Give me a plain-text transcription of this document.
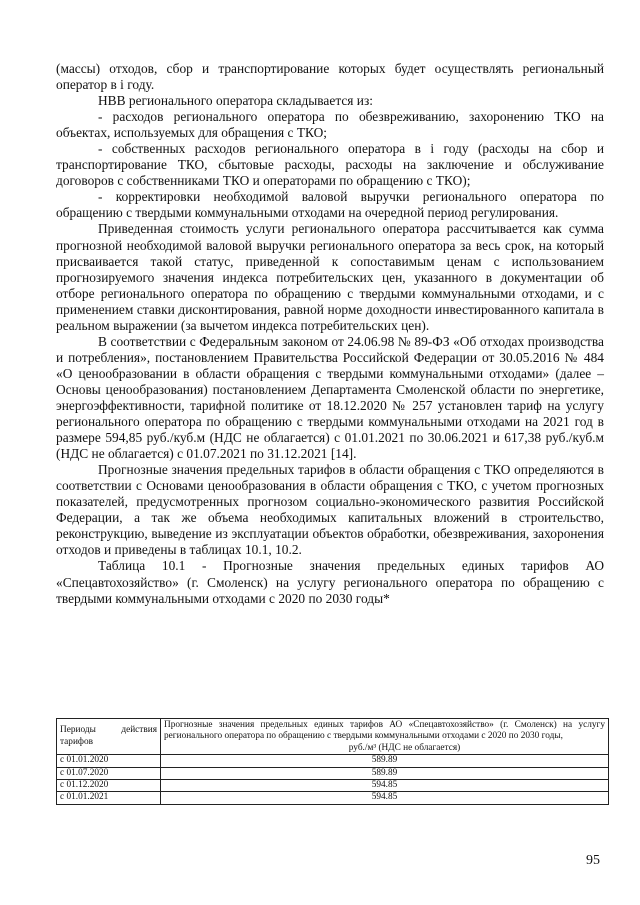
(массы) отходов, сбор и транспортирование которых будет осуществлять региональный оператор в i году.

НВВ регионального оператора складывается из:

- расходов регионального оператора по обезвреживанию, захоронению ТКО на объектах, используемых для обращения с ТКО;

- собственных расходов регионального оператора в i году (расходы на сбор и транспортирование ТКО, сбытовые расходы, расходы на заключение и обслуживание договоров с собственниками ТКО и операторами по обращению с ТКО);

- корректировки необходимой валовой выручки регионального оператора по обращению с твердыми коммунальными отходами на очередной период регулирования.

Приведенная стоимость услуги регионального оператора рассчитывается как сумма прогнозной необходимой валовой выручки регионального оператора за весь срок, на который присваивается такой статус, приведенной к сопоставимым ценам с использованием прогнозируемого значения индекса потребительских цен, указанного в документации об отборе регионального оператора по обращению с твердыми коммунальными отходами, и с применением ставки дисконтирования, равной норме доходности инвестированного капитала в реальном выражении (за вычетом индекса потребительских цен).

В соответствии с Федеральным законом от 24.06.98 № 89-ФЗ «Об отходах производства и потребления», постановлением Правительства Российской Федерации от 30.05.2016 № 484 «О ценообразовании в области обращения с твердыми коммунальными отходами» (далее – Основы ценообразования) постановлением Департамента Смоленской области по энергетике, энергоэффективности, тарифной политике от 18.12.2020 № 257 установлен тариф на услугу регионального оператора по обращению с твердыми коммунальными отходами на 2021 год в размере 594,85 руб./куб.м (НДС не облагается) с 01.01.2021 по 30.06.2021 и 617,38 руб./куб.м (НДС не облагается) с 01.07.2021 по 31.12.2021 [14].

Прогнозные значения предельных тарифов в области обращения с ТКО определяются в соответствии с Основами ценообразования в области обращения с ТКО, с учетом прогнозных показателей, предусмотренных прогнозом социально-экономического развития Российской Федерации, а так же объема необходимых капитальных вложений в строительство, реконструкцию, выведение из эксплуатации объектов обработки, обезвреживания, захоронения отходов и приведены в таблицах 10.1, 10.2.

Таблица 10.1 - Прогнозные значения предельных единых тарифов АО «Спецавтохозяйство» (г. Смоленск) на услугу регионального оператора по обращению с твердыми коммунальными отходами с 2020 по 2030 годы*

Периоды действия тарифов	Прогнозные значения предельных единых тарифов АО «Спецавтохозяйство» (г. Смоленск) на услугу регионального оператора по обращению с твердыми коммунальными отходами с 2020 по 2030 годы,
руб./м³ (НДС не облагается)

с 01.01.2020	589.89
с 01.07.2020	589.89
с 01.12.2020	594.85
с 01.01.2021	594.85
95
